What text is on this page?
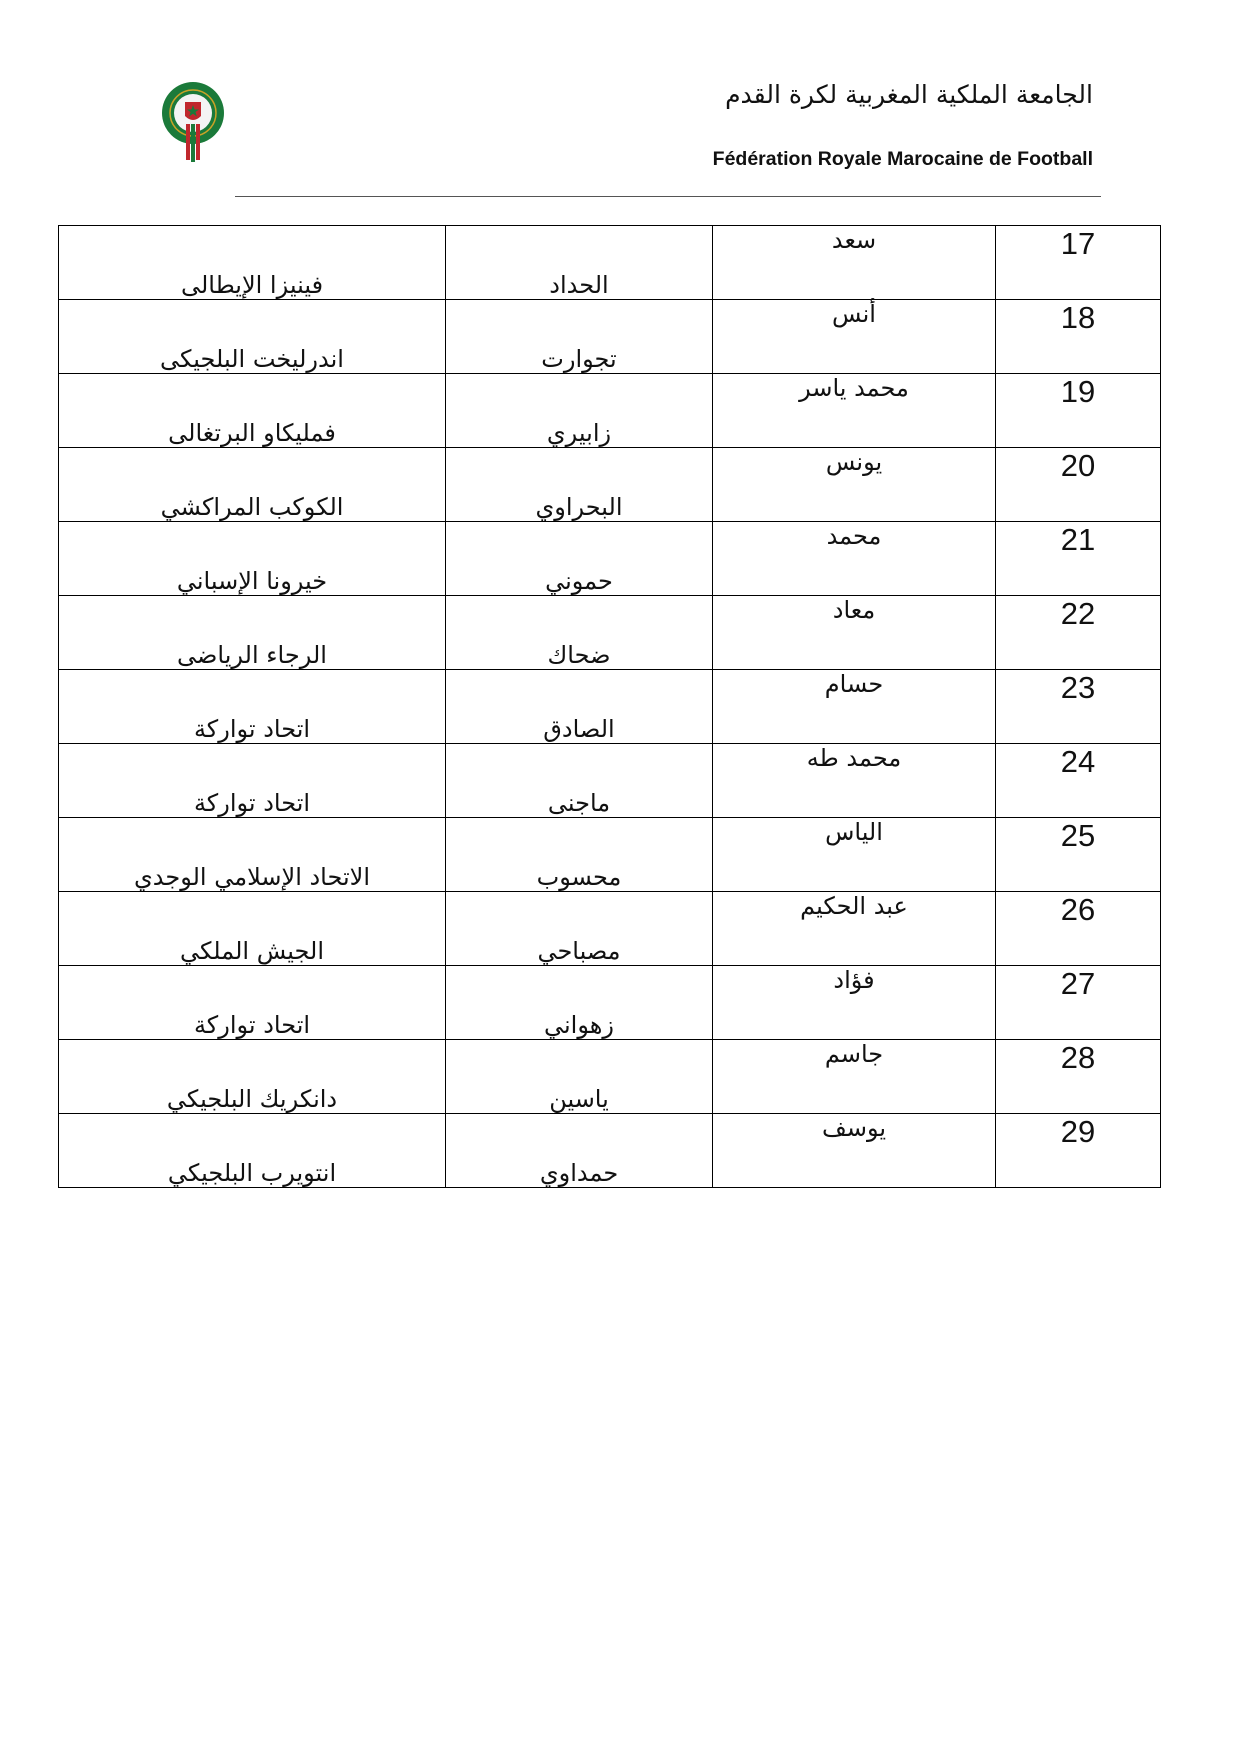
الجامعة الملكية المغربية لكرة القدم
Fédération Royale Marocaine de Football
فينيزا الإيطالى	الحداد	سعد	17
اندرليخت البلجيكى	تجوارت	أنس	18
فمليكاو البرتغالى	زابيري	محمد ياسر	19
الكوكب المراكشي	البحراوي	يونس	20
خيرونا الإسباني	حموني	محمد	21
الرجاء الرياضى	ضحاك	معاد	22
اتحاد تواركة	الصادق	حسام	23
اتحاد تواركة	ماجنى	محمد طه	24
الاتحاد الإسلامي الوجدي	محسوب	الياس	25
الجيش الملكي	مصباحي	عبد الحكيم	26
اتحاد تواركة	زهواني	فؤاد	27
دانكريك البلجيكي	ياسين	جاسم	28
انتويرب البلجيكي	حمداوي	يوسف	29
